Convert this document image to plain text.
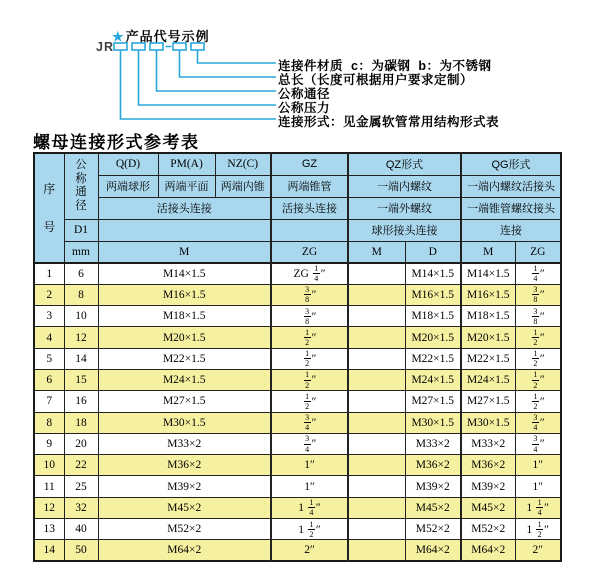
★产品代号示例
JR
连接件材质  c：为碳钢  b：为不锈钢
总长（长度可根据用户要求定制）
公称通径
公称压力
连接形式：见金属软管常用结构形式表
螺母连接形式参考表
序号	公称通径	Q(D)	PM(A)	NZ(C)	GZ	QZ形式		QG形式	
		两端球形	两端平面	两端内锥	两端锥管	一端内螺纹		一端内螺纹活接头	
		活接头连接			活接头连接	一端外螺纹		一端锥管螺纹接头	
	D1					球形接头连接		连接	
	mm	M			ZG	M	D	M	ZG
1	6	M14×1.5			ZG $\frac{1}{4}$ ″		M14×1.5	M14×1.5	$\frac{1}{4}$ ″
2	8	M16×1.5			$\frac{3}{8}$ ″		M16×1.5	M16×1.5	$\frac{3}{8}$ ″
3	10	M18×1.5			$\frac{3}{8}$ ″		M18×1.5	M18×1.5	$\frac{3}{8}$ ″
4	12	M20×1.5			$\frac{1}{2}$ ″		M20×1.5	M20×1.5	$\frac{1}{2}$ ″
5	14	M22×1.5			$\frac{1}{2}$ ″		M22×1.5	M22×1.5	$\frac{1}{2}$ ″
6	15	M24×1.5			$\frac{1}{2}$ ″		M24×1.5	M24×1.5	$\frac{1}{2}$ ″
7	16	M27×1.5			$\frac{1}{2}$ ″		M27×1.5	M27×1.5	$\frac{1}{2}$ ″
8	18	M30×1.5			$\frac{3}{4}$ ″		M30×1.5	M30×1.5	$\frac{3}{4}$ ″
9	20	M33×2			$\frac{3}{4}$ ″		M33×2	M33×2	$\frac{3}{4}$ ″
10	22	M36×2			1″		M36×2	M36×2	1″
11	25	M39×2			1″		M39×2	M39×2	1″
12	32	M45×2			$1 \frac{1}{4}$ ″		M45×2	M45×2	$1 \frac{1}{4}$ ″
13	40	M52×2			$1 \frac{1}{2}$ ″		M52×2	M52×2	$1 \frac{1}{2}$ ″
14	50	M64×2			2″		M64×2	M64×2	2″
